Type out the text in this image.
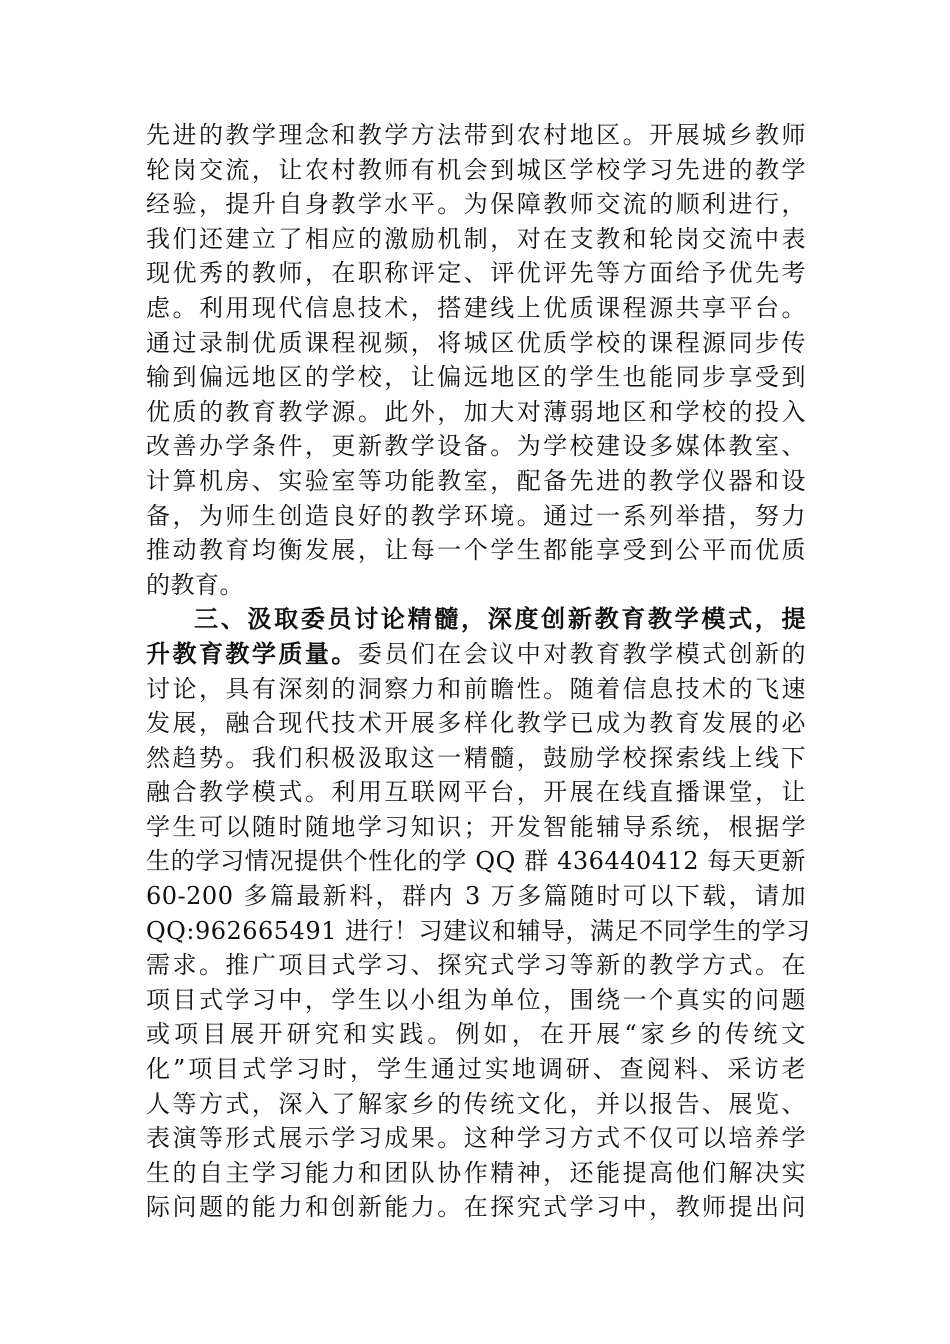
先进的教学理念和教学方法带到农村地区。开展城乡教师
轮岗交流，让农村教师有机会到城区学校学习先进的教学
经验，提升自身教学水平。为保障教师交流的顺利进行，
我们还建立了相应的激励机制，对在支教和轮岗交流中表
现优秀的教师，在职称评定、评优评先等方面给予优先考
虑。利用现代信息技术，搭建线上优质课程源共享平台。
通过录制优质课程视频，将城区优质学校的课程源同步传
输到偏远地区的学校，让偏远地区的学生也能同步享受到
优质的教育教学源。此外，加大对薄弱地区和学校的投入
改善办学条件，更新教学设备。为学校建设多媒体教室、
计算机房、实验室等功能教室，配备先进的教学仪器和设
备，为师生创造良好的教学环境。通过一系列举措，努力
推动教育均衡发展，让每一个学生都能享受到公平而优质
的教育。
三、汲取委员讨论精髓，深度创新教育教学模式，提
升教育教学质量。委员们在会议中对教育教学模式创新的
讨论，具有深刻的洞察力和前瞻性。随着信息技术的飞速
发展，融合现代技术开展多样化教学已成为教育发展的必
然趋势。我们积极汲取这一精髓，鼓励学校探索线上线下
融合教学模式。利用互联网平台，开展在线直播课堂，让
学生可以随时随地学习知识；开发智能辅导系统，根据学
生的学习情况提供个性化的学 QQ 群 436440412 每天更新
60-200 多篇最新料，群内 3 万多篇随时可以下载，请加
QQ:962665491 进行！习建议和辅导，满足不同学生的学习
需求。推广项目式学习、探究式学习等新的教学方式。在
项目式学习中，学生以小组为单位，围绕一个真实的问题
或项目展开研究和实践。例如，在开展“家乡的传统文
化”项目式学习时，学生通过实地调研、查阅料、采访老
人等方式，深入了解家乡的传统文化，并以报告、展览、
表演等形式展示学习成果。这种学习方式不仅可以培养学
生的自主学习能力和团队协作精神，还能提高他们解决实
际问题的能力和创新能力。在探究式学习中，教师提出问
